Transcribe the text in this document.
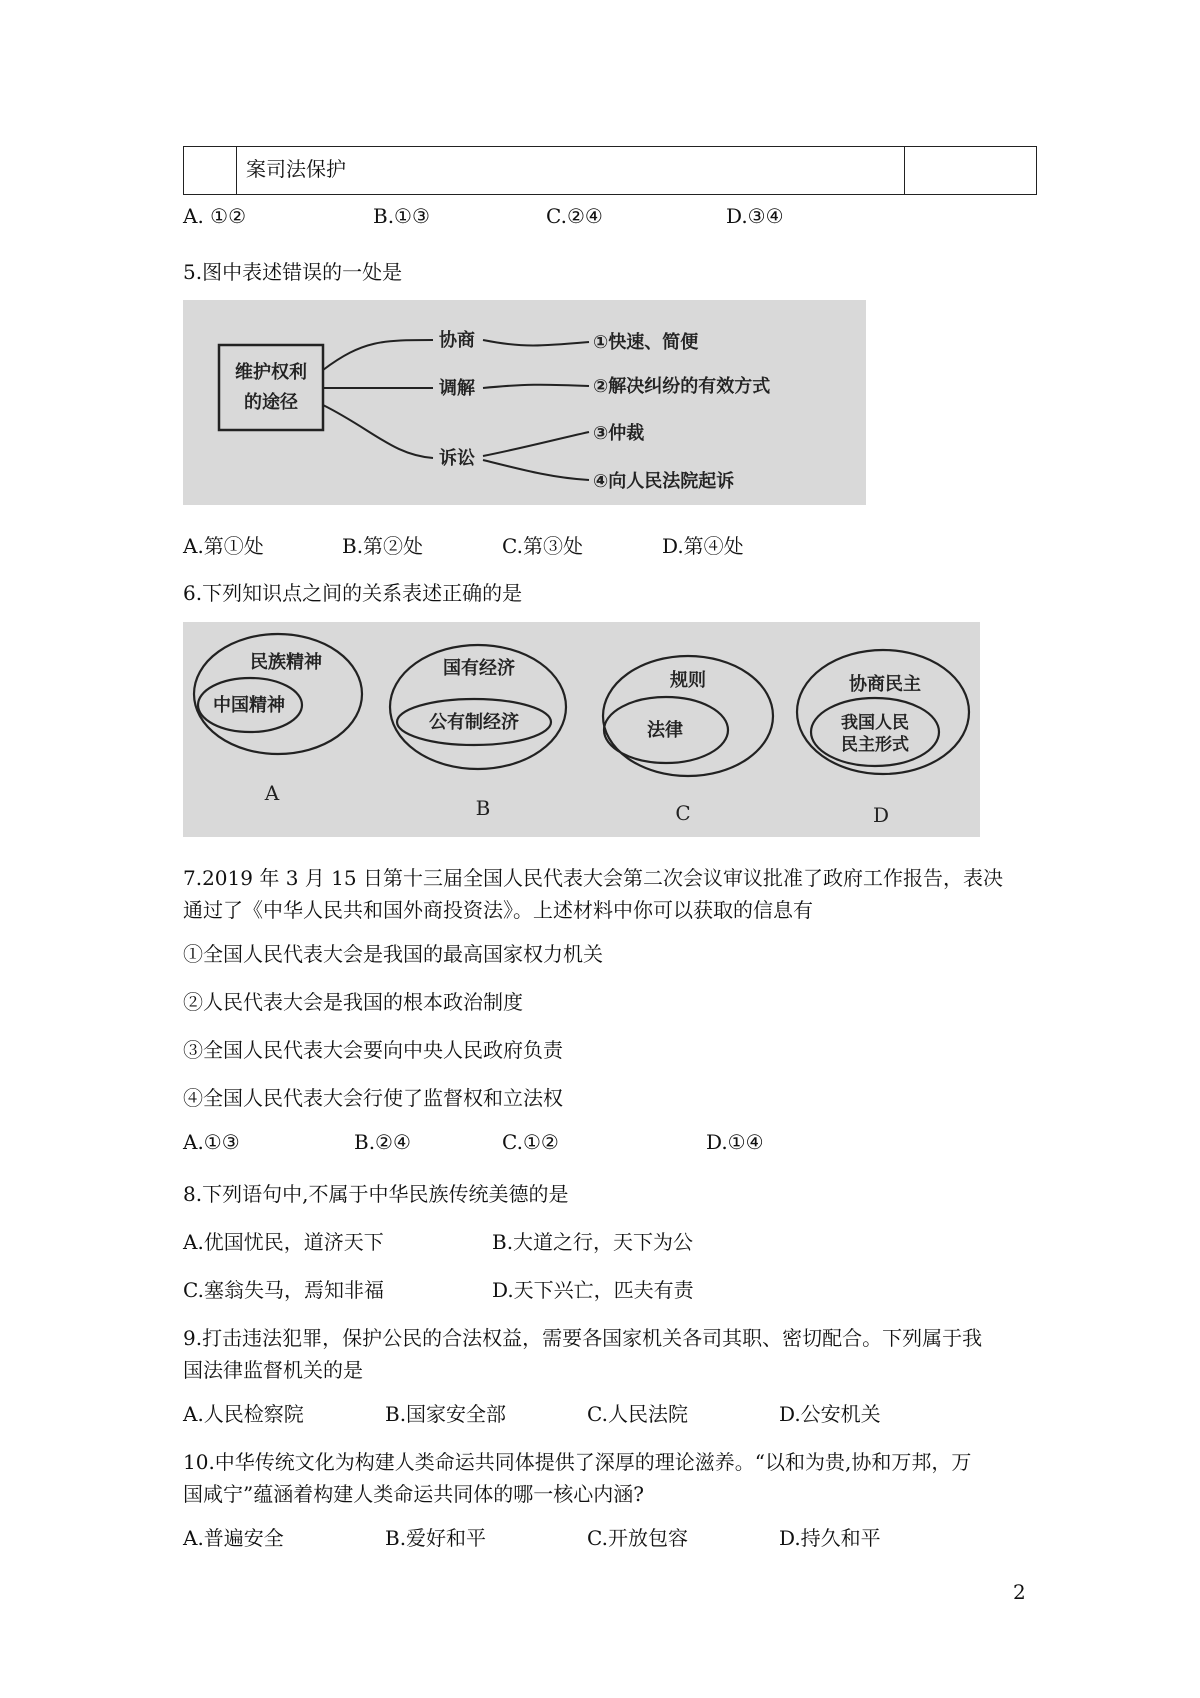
案司法保护
A. ①②	B.①③	C.②④	D.③④
5.图中表述错误的一处是
维护权利
的途径
协商
调解
诉讼
①快速、简便
②解决纠纷的有效方式
③仲裁
④向人民法院起诉
A.第①处	B.第②处	C.第③处	D.第④处
6.下列知识点之间的关系表述正确的是
民族精神
中国精神
A
国有经济
公有制经济
B
规则
法律
C
协商民主
我国人民
民主形式
D
7.2019 年 3 月 15 日第十三届全国人民代表大会第二次会议审议批准了政府工作报告，表决
通过了《中华人民共和国外商投资法》。上述材料中你可以获取的信息有
①全国人民代表大会是我国的最高国家权力机关
②人民代表大会是我国的根本政治制度
③全国人民代表大会要向中央人民政府负责
④全国人民代表大会行使了监督权和立法权
A.①③	B.②④	C.①②	D.①④
8.下列语句中,不属于中华民族传统美德的是
A.优国忧民，道济天下	B.大道之行，天下为公
C.塞翁失马，焉知非福	D.天下兴亡，匹夫有责
9.打击违法犯罪，保护公民的合法权益，需要各国家机关各司其职、密切配合。下列属于我
国法律监督机关的是
A.人民检察院	B.国家安全部	C.人民法院	D.公安机关
10.中华传统文化为构建人类命运共同体提供了深厚的理论滋养。“以和为贵,协和万邦，万
国咸宁”蕴涵着构建人类命运共同体的哪一核心内涵?
A.普遍安全	B.爱好和平	C.开放包容	D.持久和平
2
